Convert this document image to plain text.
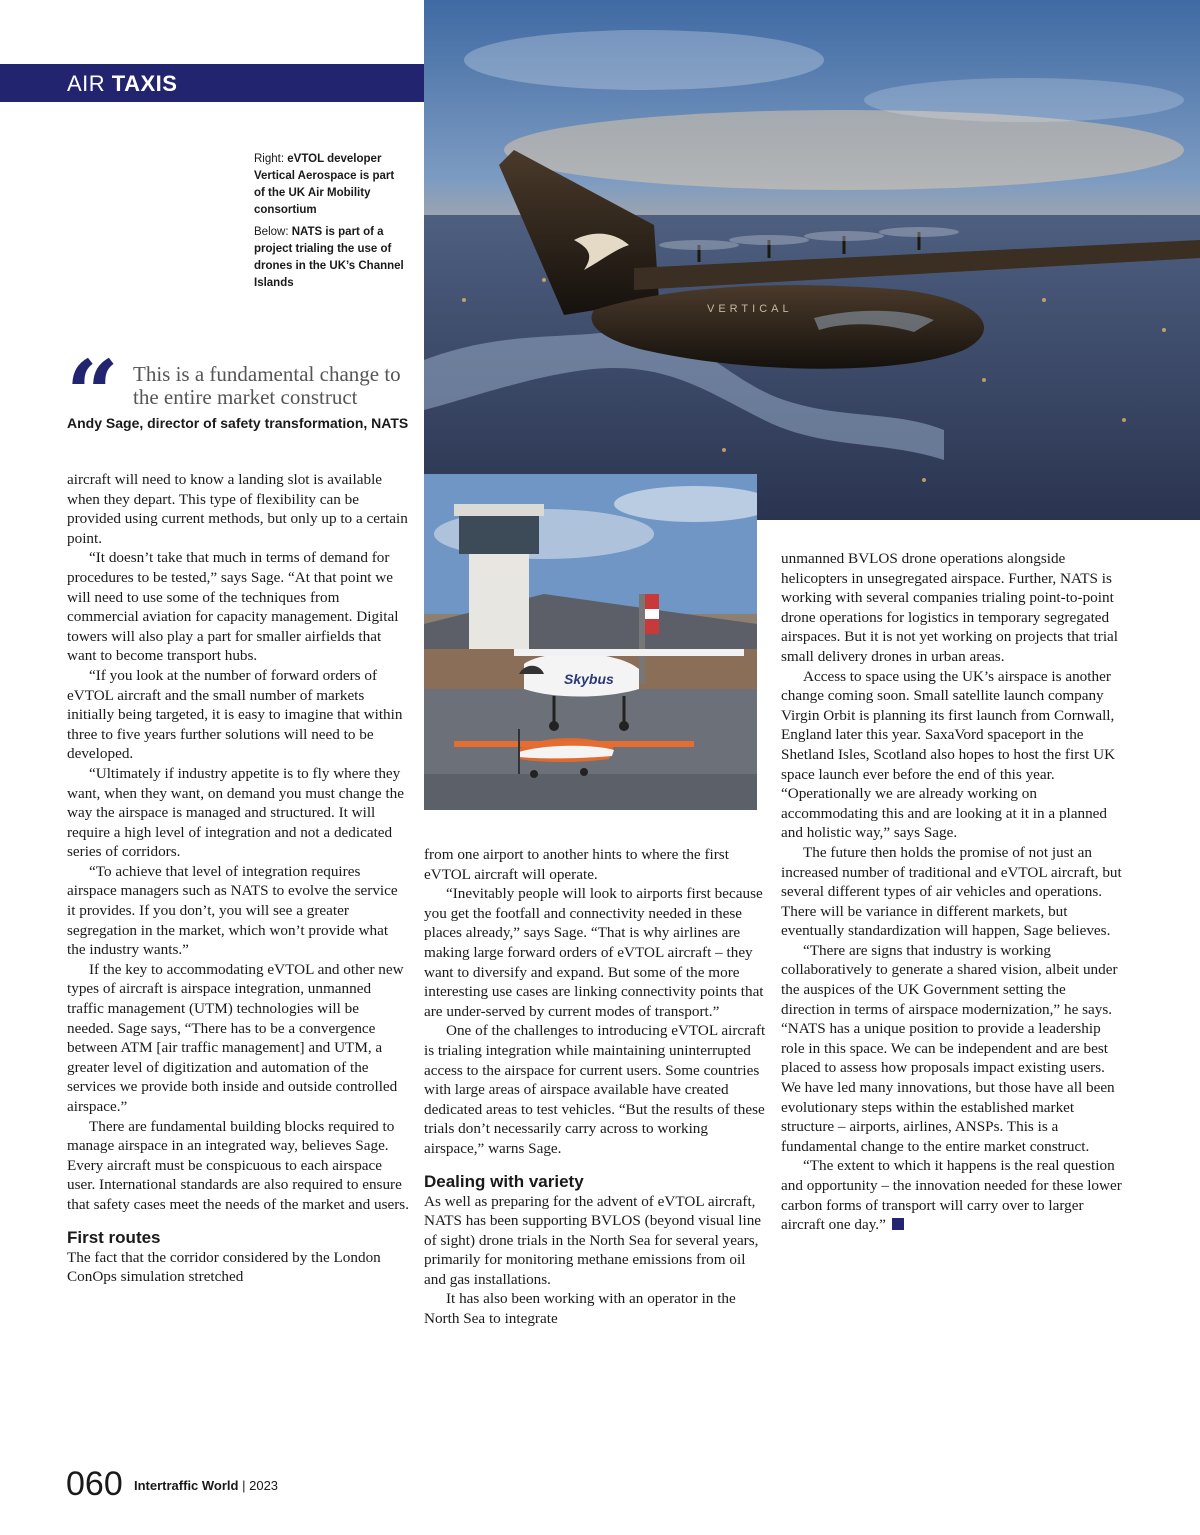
AIR TAXIS
Right: eVTOL developer Vertical Aerospace is part of the UK Air Mobility consortium
Below: NATS is part of a project trialing the use of drones in the UK’s Channel Islands
“ This is a fundamental change to the entire market construct
Andy Sage, director of safety transformation, NATS
VERTICAL
Skybus

aircraft will need to know a landing slot is available when they depart. This type of flexibility can be provided using current methods, but only up to a certain point.

“It doesn’t take that much in terms of demand for procedures to be tested,” says Sage. “At that point we will need to use some of the techniques from commercial aviation for capacity management. Digital towers will also play a part for smaller airfields that want to become transport hubs.

“If you look at the number of forward orders of eVTOL aircraft and the small number of markets initially being targeted, it is easy to imagine that within three to five years further solutions will need to be developed.

“Ultimately if industry appetite is to fly where they want, when they want, on demand you must change the way the airspace is managed and structured. It will require a high level of integration and not a dedicated series of corridors.

“To achieve that level of integration requires airspace managers such as NATS to evolve the service it provides. If you don’t, you will see a greater segregation in the market, which won’t provide what the industry wants.”

If the key to accommodating eVTOL and other new types of aircraft is airspace integration, unmanned traffic management (UTM) technologies will be needed. Sage says, “There has to be a convergence between ATM [air traffic management] and UTM, a greater level of digitization and automation of the services we provide both inside and outside controlled airspace.”

There are fundamental building blocks required to manage airspace in an integrated way, believes Sage. Every aircraft must be conspicuous to each airspace user. International standards are also required to ensure that safety cases meet the needs of the market and users.

First routes

The fact that the corridor considered by the London ConOps simulation stretched

from one airport to another hints to where the first eVTOL aircraft will operate.

“Inevitably people will look to airports first because you get the footfall and connectivity needed in these places already,” says Sage. “That is why airlines are making large forward orders of eVTOL aircraft – they want to diversify and expand. But some of the more interesting use cases are linking connectivity points that are under-served by current modes of transport.”

One of the challenges to introducing eVTOL aircraft is trialing integration while maintaining uninterrupted access to the airspace for current users. Some countries with large areas of airspace available have created dedicated areas to test vehicles. “But the results of these trials don’t necessarily carry across to working airspace,” warns Sage.

Dealing with variety

As well as preparing for the advent of eVTOL aircraft, NATS has been supporting BVLOS (beyond visual line of sight) drone trials in the North Sea for several years, primarily for monitoring methane emissions from oil and gas installations.

It has also been working with an operator in the North Sea to integrate

unmanned BVLOS drone operations alongside helicopters in unsegregated airspace. Further, NATS is working with several companies trialing point-to-point drone operations for logistics in temporary segregated airspaces. But it is not yet working on projects that trial small delivery drones in urban areas.

Access to space using the UK’s airspace is another change coming soon. Small satellite launch company Virgin Orbit is planning its first launch from Cornwall, England later this year. SaxaVord spaceport in the Shetland Isles, Scotland also hopes to host the first UK space launch ever before the end of this year. “Operationally we are already working on accommodating this and are looking at it in a planned and holistic way,” says Sage.

The future then holds the promise of not just an increased number of traditional and eVTOL aircraft, but several different types of air vehicles and operations. There will be variance in different markets, but eventually standardization will happen, Sage believes.

“There are signs that industry is working collaboratively to generate a shared vision, albeit under the auspices of the UK Government setting the direction in terms of airspace modernization,” he says. “NATS has a unique position to provide a leadership role in this space. We can be independent and are best placed to assess how proposals impact existing users. We have led many innovations, but those have all been evolutionary steps within the established market structure – airports, airlines, ANSPs. This is a fundamental change to the entire market construct.

“The extent to which it happens is the real question and opportunity – the innovation needed for these lower carbon forms of transport will carry over to larger aircraft one day.”

060 Intertraffic World | 2023
